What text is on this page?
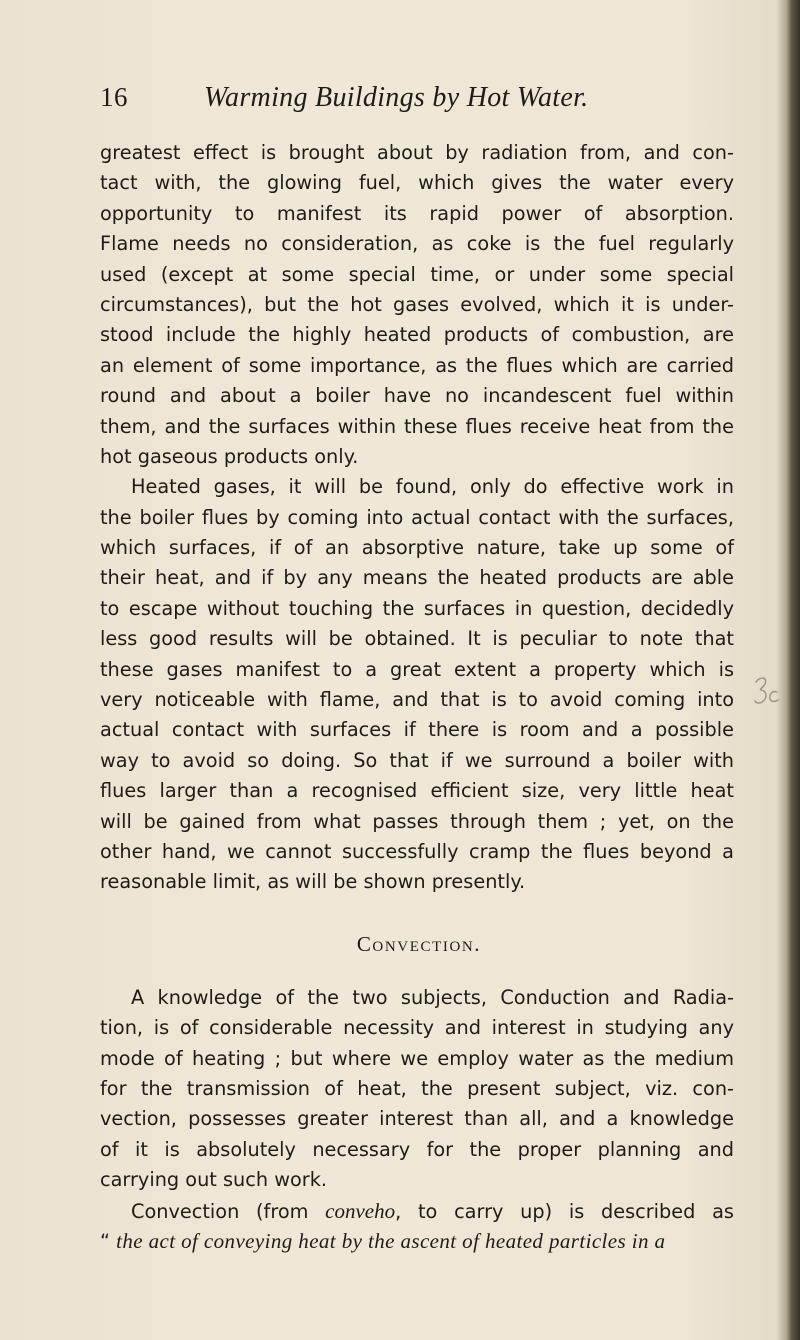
16	Warming Buildings by Hot Water.
greatest effect is brought about by radiation from, and con-
tact with, the glowing fuel, which gives the water every
opportunity to manifest its rapid power of absorption.
Flame needs no consideration, as coke is the fuel regularly
used (except at some special time, or under some special
circumstances), but the hot gases evolved, which it is under-
stood include the highly heated products of combustion, are
an element of some importance, as the flues which are carried
round and about a boiler have no incandescent fuel within
them, and the surfaces within these flues receive heat from the
hot gaseous products only.
Heated gases, it will be found, only do effective work in
the boiler flues by coming into actual contact with the surfaces,
which surfaces, if of an absorptive nature, take up some of
their heat, and if by any means the heated products are able
to escape without touching the surfaces in question, decidedly
less good results will be obtained. It is peculiar to note that
these gases manifest to a great extent a property which is
very noticeable with flame, and that is to avoid coming into
actual contact with surfaces if there is room and a possible
way to avoid so doing. So that if we surround a boiler with
flues larger than a recognised efficient size, very little heat
will be gained from what passes through them ; yet, on the
other hand, we cannot successfully cramp the flues beyond a
reasonable limit, as will be shown presently.
Convection.
A knowledge of the two subjects, Conduction and Radia-
tion, is of considerable necessity and interest in studying any
mode of heating ; but where we employ water as the medium
for the transmission of heat, the present subject, viz. con-
vection, possesses greater interest than all, and a knowledge
of it is absolutely necessary for the proper planning and
carrying out such work.
Convection (from conveho, to carry up) is described as
“ the act of conveying heat by the ascent of heated particles in a
